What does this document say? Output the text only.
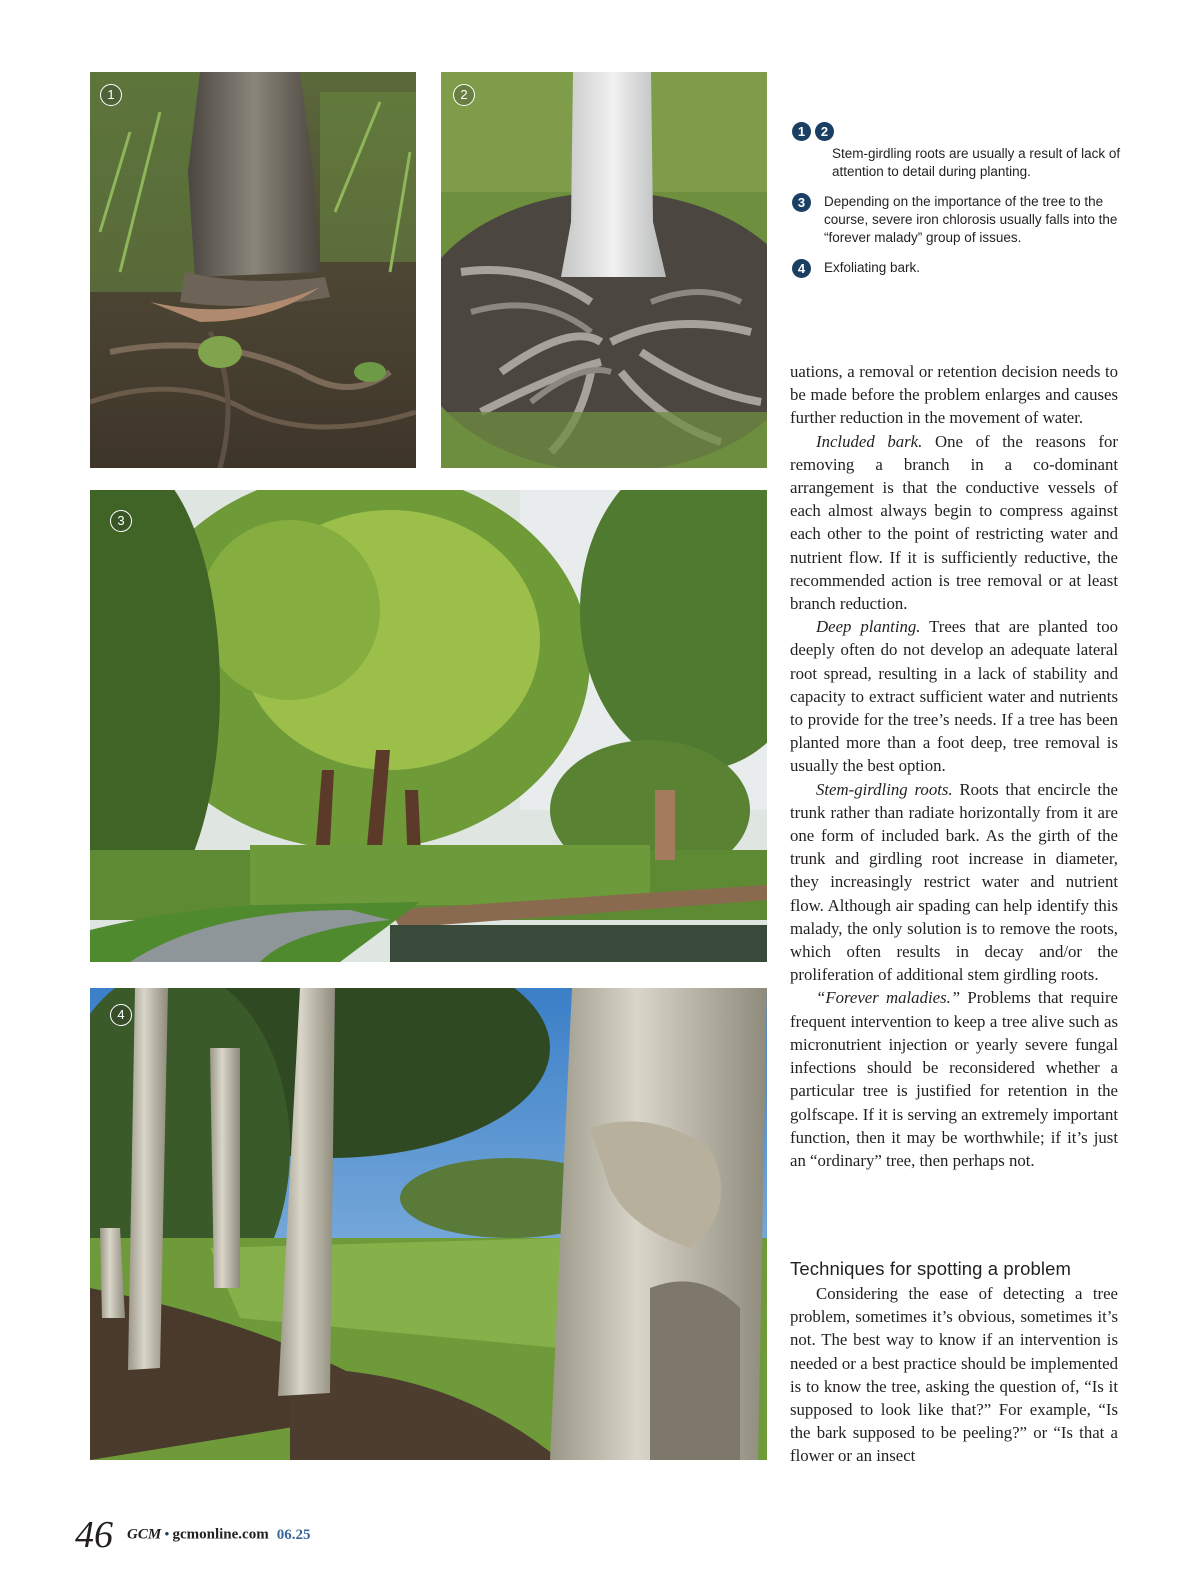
1	2
3
4
1 2
Stem-girdling roots are usually a result of lack of attention to detail during planting.
3	Depending on the importance of the tree to the course, severe iron chlorosis usually falls into the “forever malady” group of issues.
4	Exfoliating bark.

uations, a removal or retention decision needs to be made before the problem enlarges and causes further reduction in the movement of water.

Included bark. One of the reasons for removing a branch in a co-dominant arrangement is that the conductive vessels of each almost always begin to compress against each other to the point of restricting water and nutrient flow. If it is sufficiently reductive, the recommended action is tree removal or at least branch reduction.

Deep planting. Trees that are planted too deeply often do not develop an adequate lateral root spread, resulting in a lack of stability and capacity to extract sufficient water and nutrients to provide for the tree’s needs. If a tree has been planted more than a foot deep, tree removal is usually the best option.

Stem-girdling roots. Roots that encircle the trunk rather than radiate horizontally from it are one form of included bark. As the girth of the trunk and girdling root increase in diameter, they increasingly restrict water and nutrient flow. Although air spading can help identify this malady, the only solution is to remove the roots, which often results in decay and/or the proliferation of additional stem girdling roots.

“Forever maladies.” Problems that require frequent intervention to keep a tree alive such as micronutrient injection or yearly severe fungal infections should be reconsidered whether a particular tree is justified for retention in the golfscape. If it is serving an extremely important function, then it may be worthwhile; if it’s just an “ordinary” tree, then perhaps not.

Techniques for spotting a problem

Considering the ease of detecting a tree problem, sometimes it’s obvious, sometimes it’s not. The best way to know if an intervention is needed or a best practice should be implemented is to know the tree, asking the question of, “Is it supposed to look like that?” For example, “Is the bark supposed to be peeling?” or “Is that a flower or an insect

46 GCM • gcmonline.com 06.25
